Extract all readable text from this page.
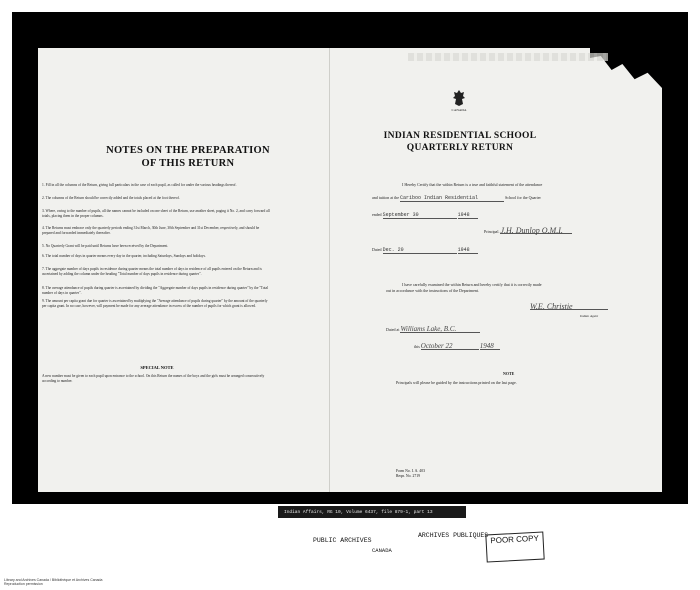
NOTES ON THE PREPARATION
OF THIS RETURN
1. Fill in all the columns of the Return, giving full particulars in the case of each pupil, as called for under the various headings thereof.
2. The columns of the Return should be correctly added and the totals placed at the foot thereof.
3. Where, owing to the number of pupils, all the names cannot be included on one sheet of the Return, use another sheet, paging it No. 2, and carry forward all totals, placing them in the proper columns.
4. The Returns must embrace only the quarterly periods ending 31st March, 30th June, 30th September and 31st December, respectively, and should be prepared and forwarded immediately thereafter.
5. No Quarterly Grant will be paid until Returns have been received by the Department.
6. The total number of days in quarter means every day in the quarter, including Saturdays, Sundays and holidays.
7. The aggregate number of days pupils in residence during quarter means the total number of days in residence of all pupils entered on the Return and is ascertained by adding the column under the heading "Total number of days pupils in residence during quarter".
8. The average attendance of pupils during quarter is ascertained by dividing the "Aggregate number of days pupils in residence during quarter" by the "Total number of days in quarter".
9. The amount per capita grant due for quarter is ascertained by multiplying the "Average attendance of pupils during quarter" by the amount of the quarterly per capita grant. In no case, however, will payment be made for any average attendance in excess of the number of pupils for which grant is allowed.
SPECIAL NOTE
A new number must be given to each pupil upon entrance to the school. On this Return the names of the boys and the girls must be arranged consecutively according to number.
CANADA
INDIAN RESIDENTIAL SCHOOL
QUARTERLY RETURN
I Hereby Certify that the within Return is a true and faithful statement of the attendance
and tuition at the Cariboo Indian Residential	School for the Quarter
ended September 30	1948
Principal. J.H. Dunlop O.M.I.
Dated Dec. 20	1948
I have carefully examined the within Return and hereby certify that it is correctly made
out in accordance with the instructions of the Department.
W.E. Christie
Indian Agent
Dated at Williams Lake, B.C.
this October 22	1948
NOTE
Principals will please be guided by the instructions printed on the last page.
Form No. I. A. 403
Reqn. No. 2719
Indian Affairs, RG 10, Volume 6437, file 879-1, part 13
PUBLIC ARCHIVES
ARCHIVES PUBLIQUES
CANADA
POOR COPY
Library and Archives Canada / Bibliothèque et Archives Canada
Reproduction permission
